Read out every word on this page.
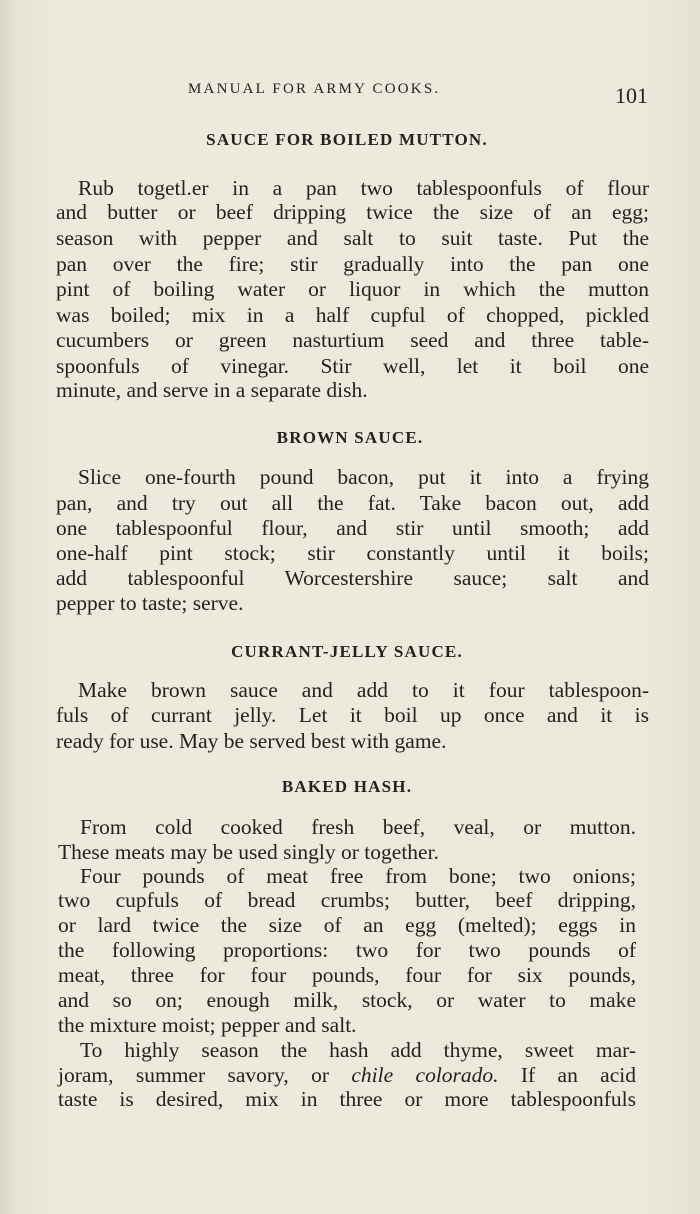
MANUAL FOR ARMY COOKS.	101
SAUCE FOR BOILED MUTTON.
Rub togetl.er in a pan two tablespoonfuls of flour
and butter or beef dripping twice the size of an egg;
season with pepper and salt to suit taste. Put the
pan over the fire; stir gradually into the pan one
pint of boiling water or liquor in which the mutton
was boiled; mix in a half cupful of chopped, pickled
cucumbers or green nasturtium seed and three table-
spoonfuls of vinegar. Stir well, let it boil one
minute, and serve in a separate dish.
BROWN SAUCE.
Slice one-fourth pound bacon, put it into a frying
pan, and try out all the fat. Take bacon out, add
one tablespoonful flour, and stir until smooth; add
one-half pint stock; stir constantly until it boils;
add tablespoonful Worcestershire sauce; salt and
pepper to taste; serve.
CURRANT-JELLY SAUCE.
Make brown sauce and add to it four tablespoon-
fuls of currant jelly. Let it boil up once and it is
ready for use. May be served best with game.
BAKED HASH.
From cold cooked fresh beef, veal, or mutton.
These meats may be used singly or together.
Four pounds of meat free from bone; two onions;
two cupfuls of bread crumbs; butter, beef dripping,
or lard twice the size of an egg (melted); eggs in
the following proportions: two for two pounds of
meat, three for four pounds, four for six pounds,
and so on; enough milk, stock, or water to make
the mixture moist; pepper and salt.
To highly season the hash add thyme, sweet mar-
joram, summer savory, or chile colorado. If an acid
taste is desired, mix in three or more tablespoonfuls
